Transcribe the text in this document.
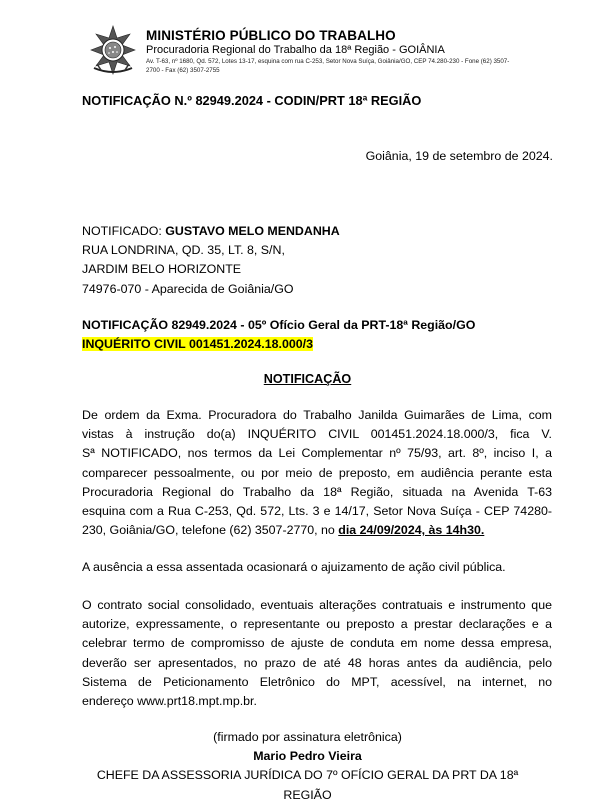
MINISTÉRIO PÚBLICO DO TRABALHO
Procuradoria Regional do Trabalho da 18ª Região - GOIÂNIA
Av. T-63, nº 1680, Qd. 572, Lotes 13-17, esquina com rua C-253, Setor Nova Suíça, Goiânia/GO, CEP 74.280-230 - Fone (62) 3507-
2700 - Fax (62) 3507-2755
NOTIFICAÇÃO N.º 82949.2024 - CODIN/PRT 18ª REGIÃO
Goiânia, 19 de setembro de 2024.
NOTIFICADO: GUSTAVO MELO MENDANHA
RUA LONDRINA, QD. 35, LT. 8, S/N,
JARDIM BELO HORIZONTE
74976-070 - Aparecida de Goiânia/GO
NOTIFICAÇÃO 82949.2024 - 05º Ofício Geral da PRT-18ª Região/GO
INQUÉRITO CIVIL 001451.2024.18.000/3
NOTIFICAÇÃO
De ordem da Exma. Procuradora do Trabalho Janilda Guimarães de Lima, com
vistas à instrução do(a) INQUÉRITO CIVIL 001451.2024.18.000/3, fica V.
Sª NOTIFICADO, nos termos da Lei Complementar nº 75/93, art. 8º, inciso I, a
comparecer pessoalmente, ou por meio de preposto, em audiência perante esta
Procuradoria Regional do Trabalho da 18ª Região, situada na Avenida T-63
esquina com a Rua C-253, Qd. 572, Lts. 3 e 14/17, Setor Nova Suíça - CEP 74280-
230, Goiânia/GO, telefone (62) 3507-2770, no dia 24/09/2024, às 14h30.
A ausência a essa assentada ocasionará o ajuizamento de ação civil pública.
O contrato social consolidado, eventuais alterações contratuais e instrumento que
autorize, expressamente, o representante ou preposto a prestar declarações e a
celebrar termo de compromisso de ajuste de conduta em nome dessa empresa,
deverão ser apresentados, no prazo de até 48 horas antes da audiência, pelo
Sistema de Peticionamento Eletrônico do MPT, acessível, na internet, no
endereço www.prt18.mpt.mp.br.
(firmado por assinatura eletrônica)
Mario Pedro Vieira
CHEFE DA ASSESSORIA JURÍDICA DO 7º OFÍCIO GERAL DA PRT DA 18ª
REGIÃO
